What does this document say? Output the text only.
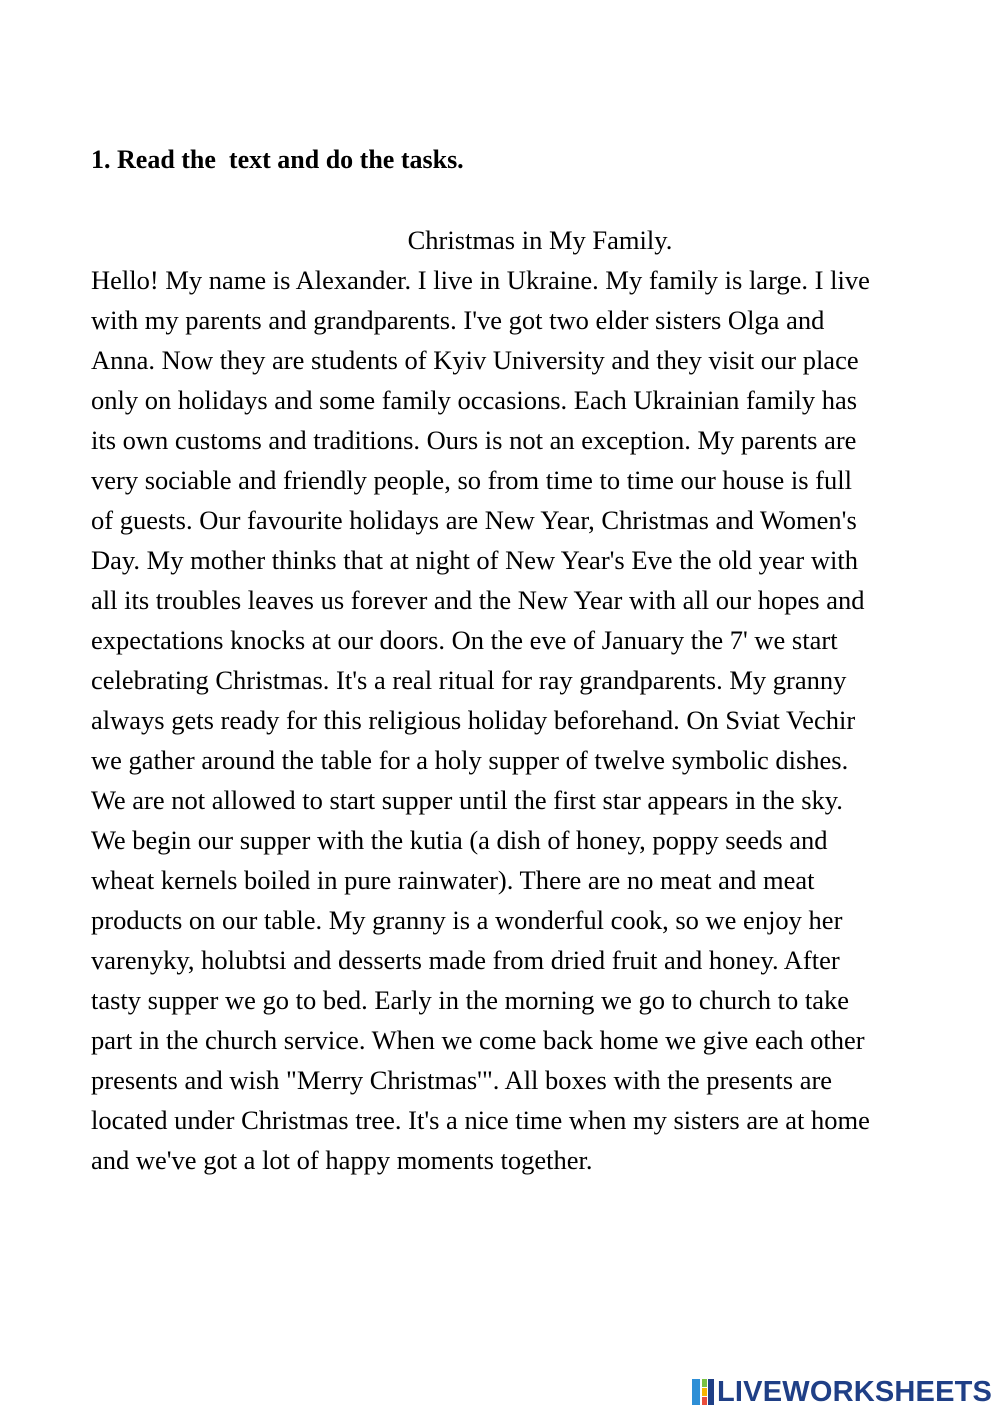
1. Read the  text and do the tasks.
Christmas in My Family.
Hello! My name is Alexander. I live in Ukraine. My family is large. I live
with my parents and grandparents. I've got two elder sisters Olga and
Anna. Now they are students of Kyiv University and they visit our place
only on holidays and some family occasions. Each Ukrainian family has
its own customs and traditions. Ours is not an exception. My parents are
very sociable and friendly people, so from time to time our house is full
of guests. Our favourite holidays are New Year, Christmas and Women's
Day. My mother thinks that at night of New Year's Eve the old year with
all its troubles leaves us forever and the New Year with all our hopes and
expectations knocks at our doors. On the eve of January the 7' we start
celebrating Christmas. It's a real ritual for ray grandparents. My granny
always gets ready for this religious holiday beforehand. On Sviat Vechir
we gather around the table for a holy supper of twelve symbolic dishes.
We are not allowed to start supper until the first star appears in the sky.
We begin our supper with the kutia (a dish of honey, poppy seeds and
wheat kernels boiled in pure rainwater). There are no meat and meat
products on our table. My granny is a wonderful cook, so we enjoy her
varenyky, holubtsi and desserts made from dried fruit and honey. After
tasty supper we go to bed. Early in the morning we go to church to take
part in the church service. When we come back home we give each other
presents and wish "Merry Christmas'". All boxes with the presents are
located under Christmas tree. It's a nice time when my sisters are at home
and we've got a lot of happy moments together.
LIVEWORKSHEETS
